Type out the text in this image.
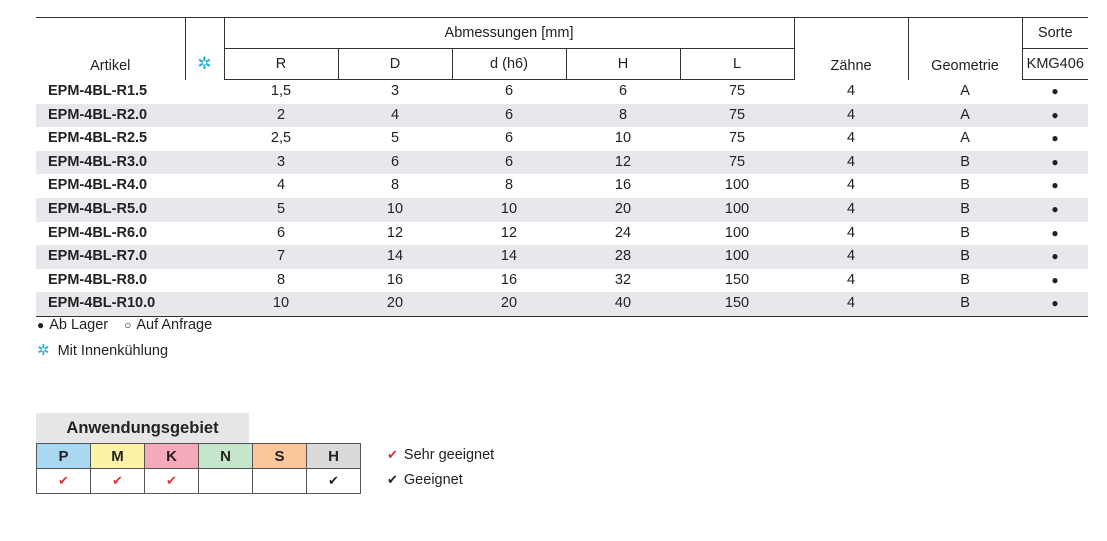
Artikel	✲	Abmessungen [mm]					Zähne	Geometrie	Sorte
		R	D	d (h6)	H	L			KMG406
EPM-4BL-R1.5		1,5	3	6	6	75	4	A	●
EPM-4BL-R2.0		2	4	6	8	75	4	A	●
EPM-4BL-R2.5		2,5	5	6	10	75	4	A	●
EPM-4BL-R3.0		3	6	6	12	75	4	B	●
EPM-4BL-R4.0		4	8	8	16	100	4	B	●
EPM-4BL-R5.0		5	10	10	20	100	4	B	●
EPM-4BL-R6.0		6	12	12	24	100	4	B	●
EPM-4BL-R7.0		7	14	14	28	100	4	B	●
EPM-4BL-R8.0		8	16	16	32	150	4	B	●
EPM-4BL-R10.0		10	20	20	40	150	4	B	●
● Ab Lager ○ Auf Anfrage
✲ Mit Innenkühlung
Anwendungsgebiet
P	M	K	N	S	H
✔	✔	✔			✔
✔ Sehr geeignet
✔ Geeignet
